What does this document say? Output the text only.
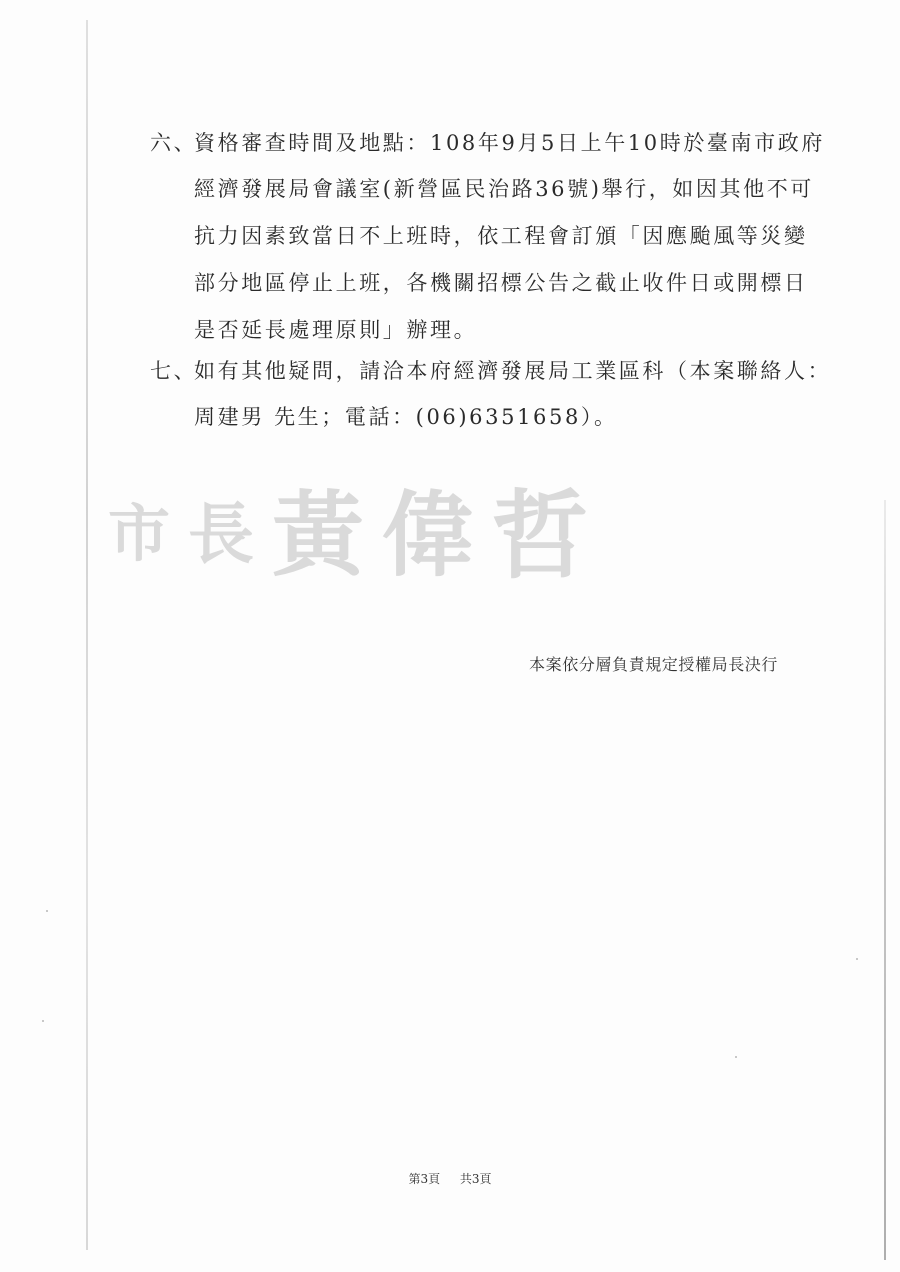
六、
資格審查時間及地點：108年9月5日上午10時於臺南市政府
經濟發展局會議室(新營區民治路36號)舉行，如因其他不可
抗力因素致當日不上班時，依工程會訂頒「因應颱風等災變
部分地區停止上班，各機關招標公告之截止收件日或開標日
是否延長處理原則」辦理。
七、
如有其他疑問，請洽本府經濟發展局工業區科（本案聯絡人：
周建男 先生；電話：(06)6351658）。
市 長 黃 偉 哲
本案依分層負責規定授權局長決行
第3頁 共3頁
